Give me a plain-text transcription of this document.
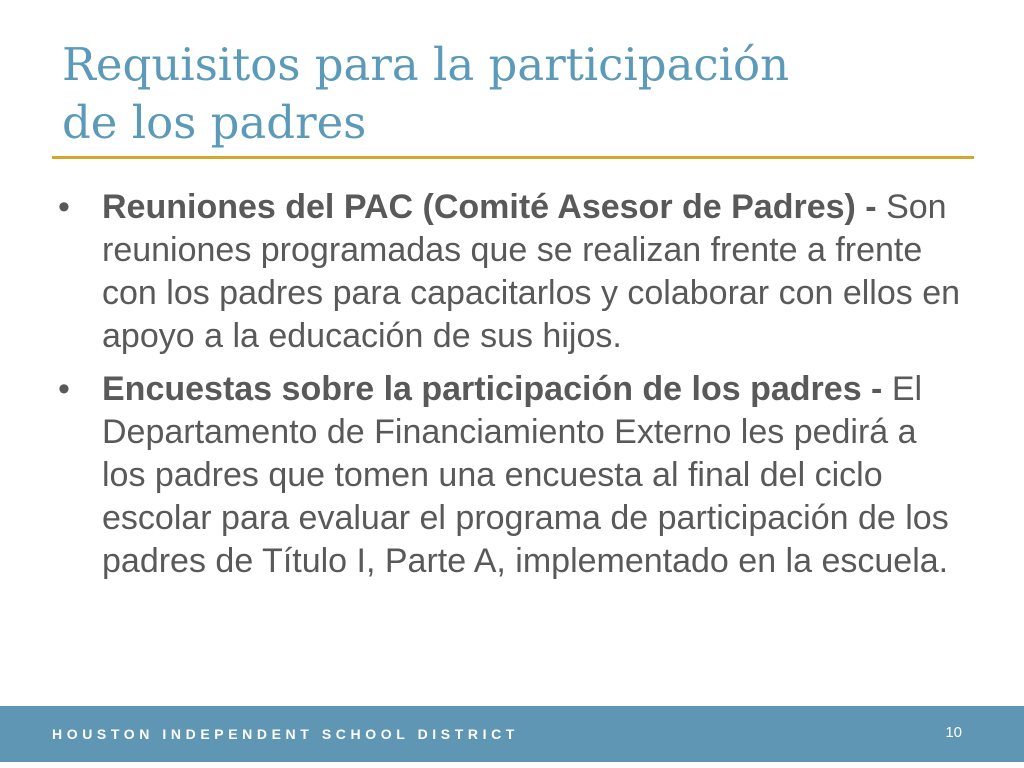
Requisitos para la participación
de los padres
• Reuniones del PAC (Comité Asesor de Padres) - Son reuniones programadas que se realizan frente a frente con los padres para capacitarlos y colaborar con ellos en apoyo a la educación de sus hijos.
• Encuestas sobre la participación de los padres - El Departamento de Financiamiento Externo les pedirá a los padres que tomen una encuesta al final del ciclo escolar para evaluar el programa de participación de los padres de Título I, Parte A, implementado en la escuela.
HOUSTON INDEPENDENT SCHOOL DISTRICT	10
